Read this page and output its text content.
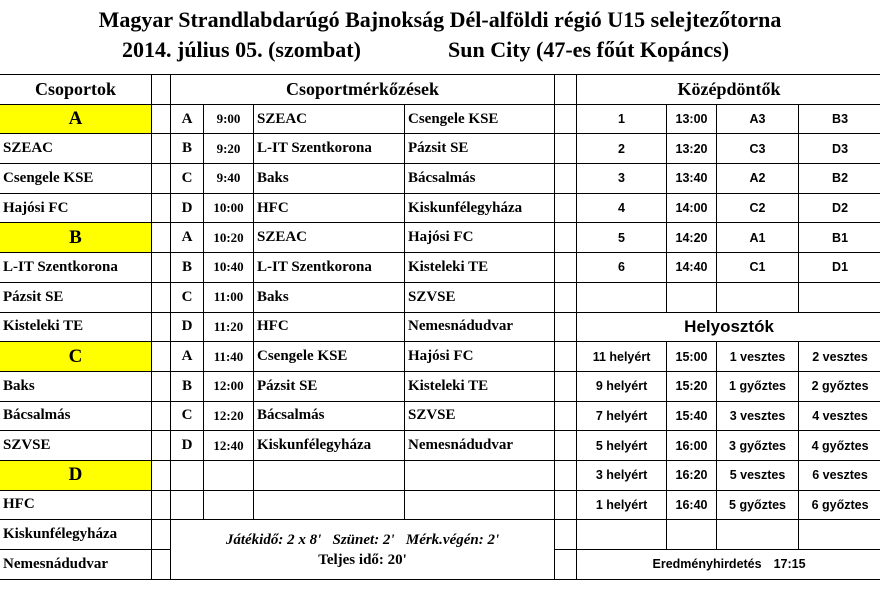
Magyar Strandlabdarúgó Bajnokság Dél-alföldi régió U15 selejtezőtorna
2014. július 05. (szombat)	Sun City (47-es főút Kopáncs)
Csoportok		Csoportmérkőzések					Középdöntők			
A		A	9:00	SZEAC	Csengele KSE		1	13:00	A3	B3
SZEAC		B	9:20	L-IT Szentkorona	Pázsit SE		2	13:20	C3	D3
Csengele KSE		C	9:40	Baks	Bácsalmás		3	13:40	A2	B2
Hajósi FC		D	10:00	HFC	Kiskunfélegyháza		4	14:00	C2	D2
B		A	10:20	SZEAC	Hajósi FC		5	14:20	A1	B1
L-IT Szentkorona		B	10:40	L-IT Szentkorona	Kisteleki TE		6	14:40	C1	D1
Pázsit SE		C	11:00	Baks	SZVSE					
Kisteleki TE		D	11:20	HFC	Nemesnádudvar		Helyosztók			
C		A	11:40	Csengele KSE	Hajósi FC		11 helyért	15:00	1 vesztes	2 vesztes
Baks		B	12:00	Pázsit SE	Kisteleki TE		9 helyért	15:20	1 győztes	2 győztes
Bácsalmás		C	12:20	Bácsalmás	SZVSE		7 helyért	15:40	3 vesztes	4 vesztes
SZVSE		D	12:40	Kiskunfélegyháza	Nemesnádudvar		5 helyért	16:00	3 győztes	4 győztes
D							3 helyért	16:20	5 vesztes	6 vesztes
HFC							1 helyért	16:40	5 győztes	6 győztes
Kiskunfélegyháza		Játékidő: 2 x 8'   Szünet: 2'   Mérk.végén: 2'
Teljes idő: 20'								

Nemesnádudvar							Eredményhirdetés 17:15			
